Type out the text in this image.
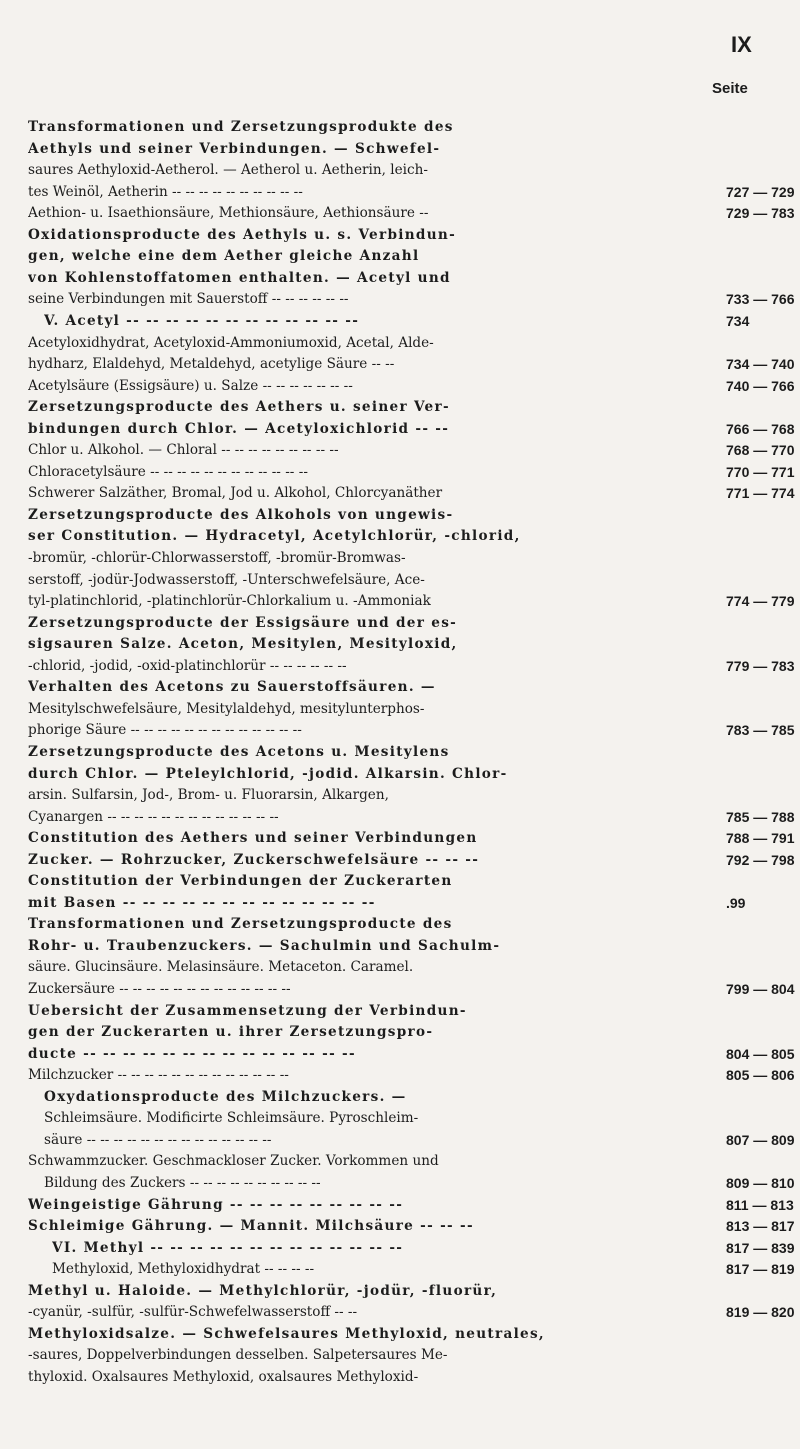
IX
Seite
Transformationen und Zersetzungsprodukte des
Aethyls und seiner Verbindungen. — Schwefel-
saures Aethyloxid-Aetherol. — Aetherol u. Aetherin, leich-
tes Weinöl, Aetherin -- -- -- -- -- -- -- -- -- --	727 — 729
Aethion- u. Isaethionsäure, Methionsäure, Aethionsäure --	729 — 783
Oxidationsproducte des Aethyls u. s. Verbindun-
gen, welche eine dem Aether gleiche Anzahl
von Kohlenstoffatomen enthalten. — Acetyl und
seine Verbindungen mit Sauerstoff -- -- -- -- -- --	733 — 766
V. Acetyl -- -- -- -- -- -- -- -- -- -- -- --	734
Acetyloxidhydrat, Acetyloxid-Ammoniumoxid, Acetal, Alde-
hydharz, Elaldehyd, Metaldehyd, acetylige Säure -- --	734 — 740
Acetylsäure (Essigsäure) u. Salze -- -- -- -- -- -- --	740 — 766
Zersetzungsproducte des Aethers u. seiner Ver-
bindungen durch Chlor. — Acetyloxichlorid -- --	766 — 768
Chlor u. Alkohol. — Chloral -- -- -- -- -- -- -- -- --	768 — 770
Chloracetylsäure -- -- -- -- -- -- -- -- -- -- -- --	770 — 771
Schwerer Salzäther, Bromal, Jod u. Alkohol, Chlorcyanäther	771 — 774
Zersetzungsproducte des Alkohols von ungewis-
ser Constitution. — Hydracetyl, Acetylchlorür, -chlorid,
-bromür, -chlorür-Chlorwasserstoff, -bromür-Bromwas-
serstoff, -jodür-Jodwasserstoff, -Unterschwefelsäure, Ace-
tyl-platinchlorid, -platinchlorür-Chlorkalium u. -Ammoniak	774 — 779
Zersetzungsproducte der Essigsäure und der es-
sigsauren Salze. Aceton, Mesitylen, Mesityloxid,
-chlorid, -jodid, -oxid-platinchlorür -- -- -- -- -- --	779 — 783
Verhalten des Acetons zu Sauerstoffsäuren. —
Mesitylschwefelsäure, Mesitylaldehyd, mesitylunterphos-
phorige Säure -- -- -- -- -- -- -- -- -- -- -- -- --	783 — 785
Zersetzungsproducte des Acetons u. Mesitylens
durch Chlor. — Pteleylchlorid, -jodid. Alkarsin. Chlor-
arsin. Sulfarsin, Jod-, Brom- u. Fluorarsin, Alkargen,
Cyanargen -- -- -- -- -- -- -- -- -- -- -- -- --	785 — 788
Constitution des Aethers und seiner Verbindungen	788 — 791
Zucker. — Rohrzucker, Zuckerschwefelsäure -- -- --	792 — 798
Constitution der Verbindungen der Zuckerarten
mit Basen -- -- -- -- -- -- -- -- -- -- -- -- --	.99
Transformationen und Zersetzungsproducte des
Rohr- u. Traubenzuckers. — Sachulmin und Sachulm-
säure. Glucinsäure. Melasinsäure. Metaceton. Caramel.
Zuckersäure -- -- -- -- -- -- -- -- -- -- -- -- --	799 — 804
Uebersicht der Zusammensetzung der Verbindun-
gen der Zuckerarten u. ihrer Zersetzungspro-
ducte -- -- -- -- -- -- -- -- -- -- -- -- -- --	804 — 805
Milchzucker -- -- -- -- -- -- -- -- -- -- -- -- --	805 — 806
Oxydationsproducte des Milchzuckers. —
Schleimsäure. Modificirte Schleimsäure. Pyroschleim-
säure -- -- -- -- -- -- -- -- -- -- -- -- -- --	807 — 809
Schwammzucker. Geschmackloser Zucker. Vorkommen und
Bildung des Zuckers -- -- -- -- -- -- -- -- -- --	809 — 810
Weingeistige Gährung -- -- -- -- -- -- -- -- --	811 — 813
Schleimige Gährung. — Mannit. Milchsäure -- -- --	813 — 817
VI. Methyl -- -- -- -- -- -- -- -- -- -- -- -- --	817 — 839
Methyloxid, Methyloxidhydrat -- -- -- --	817 — 819
Methyl u. Haloide. — Methylchlorür, -jodür, -fluorür,
-cyanür, -sulfür, -sulfür-Schwefelwasserstoff -- --	819 — 820
Methyloxidsalze. — Schwefelsaures Methyloxid, neutrales,
-saures, Doppelverbindungen desselben. Salpetersaures Me-
thyloxid. Oxalsaures Methyloxid, oxalsaures Methyloxid-
